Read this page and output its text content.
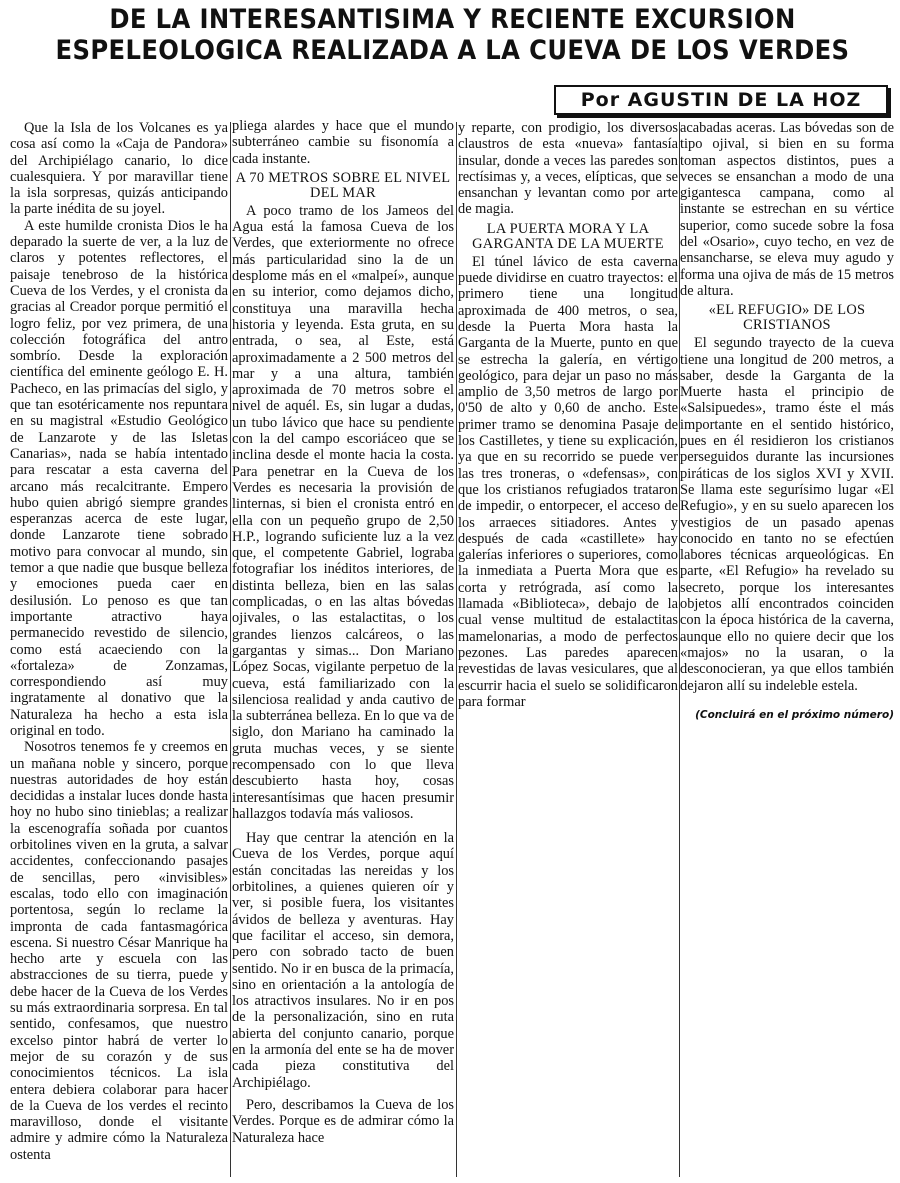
DE LA INTERESANTISIMA Y RECIENTE EXCURSION ESPELEOLOGICA REALIZADA A LA CUEVA DE LOS VERDES
Por AGUSTIN DE LA HOZ

Que la Isla de los Volcanes es ya cosa así como la «Caja de Pandora» del Archipiélago canario, lo dice cualesquiera. Y por maravillar tiene la isla sorpresas, quizás anticipando la parte inédita de su joyel.

A este humilde cronista Dios le ha deparado la suerte de ver, a la luz de claros y potentes reflectores, el paisaje tenebroso de la histórica Cueva de los Verdes, y el cronista da gracias al Creador porque permitió el logro feliz, por vez primera, de una colección fotográfica del antro sombrío. Desde la exploración científica del eminente geólogo E. H. Pacheco, en las primacías del siglo, y que tan esotéricamente nos repuntara en su magistral «Estudio Geológico de Lanzarote y de las Isletas Canarias», nada se había intentado para rescatar a esta caverna del arcano más recalcitrante. Empero hubo quien abrigó siempre grandes esperanzas acerca de este lugar, donde Lanzarote tiene sobrado motivo para convocar al mundo, sin temor a que nadie que busque belleza y emociones pueda caer en desilusión. Lo penoso es que tan importante atractivo haya permanecido revestido de silencio, como está acaeciendo con la «fortaleza» de Zonzamas, correspondiendo así muy ingratamente al donativo que la Naturaleza ha hecho a esta isla original en todo.

Nosotros tenemos fe y creemos en un mañana noble y sincero, porque nuestras autoridades de hoy están decididas a instalar luces donde hasta hoy no hubo sino tinieblas; a realizar la escenografía soñada por cuantos orbitolines viven en la gruta, a salvar accidentes, confeccionando pasajes de sencillas, pero «invisibles» escalas, todo ello con imaginación portentosa, según lo reclame la impronta de cada fantasmagórica escena. Si nuestro César Manrique ha hecho arte y escuela con las abstracciones de su tierra, puede y debe hacer de la Cueva de los Verdes su más extraordinaria sorpresa. En tal sentido, confesamos, que nuestro excelso pintor habrá de verter lo mejor de su corazón y de sus conocimientos técnicos. La isla entera debiera colaborar para hacer de la Cueva de los verdes el recinto maravilloso, donde el visitante admire y admire cómo la Naturaleza ostenta

pliega alardes y hace que el mundo subterráneo cambie su fisonomía a cada instante.

A 70 METROS SOBRE EL NIVEL DEL MAR

A poco tramo de los Jameos del Agua está la famosa Cueva de los Verdes, que exteriormente no ofrece más particularidad sino la de un desplome más en el «malpeí», aunque en su interior, como dejamos dicho, constituya una maravilla hecha historia y leyenda. Esta gruta, en su entrada, o sea, al Este, está aproximadamente a 2 500 metros del mar y a una altura, también aproximada de 70 metros sobre el nivel de aquél. Es, sin lugar a dudas, un tubo lávico que hace su pendiente con la del campo escoriáceo que se inclina desde el monte hacia la costa. Para penetrar en la Cueva de los Verdes es necesaria la provisión de linternas, si bien el cronista entró en ella con un pequeño grupo de 2,50 H.P., logrando suficiente luz a la vez que, el competente Gabriel, lograba fotografiar los inéditos interiores, de distinta belleza, bien en las salas complicadas, o en las altas bóvedas ojivales, o las estalactitas, o los grandes lienzos calcáreos, o las gargantas y simas... Don Mariano López Socas, vigilante perpetuo de la cueva, está familiarizado con la silenciosa realidad y anda cautivo de la subterránea belleza. En lo que va de siglo, don Mariano ha caminado la gruta muchas veces, y se siente recompensado con lo que lleva descubierto hasta hoy, cosas interesantísimas que hacen presumir hallazgos todavía más valiosos.

Hay que centrar la atención en la Cueva de los Verdes, porque aquí están concitadas las nereidas y los orbitolines, a quienes quieren oír y ver, si posible fuera, los visitantes ávidos de belleza y aventuras. Hay que facilitar el acceso, sin demora, pero con sobrado tacto de buen sentido. No ir en busca de la primacía, sino en orientación a la antología de los atractivos insulares. No ir en pos de la personalización, sino en ruta abierta del conjunto canario, porque en la armonía del ente se ha de mover cada pieza constitutiva del Archipiélago.

Pero, describamos la Cueva de los Verdes. Porque es de admirar cómo la Naturaleza hace

y reparte, con prodigio, los diversos claustros de esta «nueva» fantasía insular, donde a veces las paredes son rectísimas y, a veces, elípticas, que se ensanchan y levantan como por arte de magia.

LA PUERTA MORA Y LA GARGANTA DE LA MUERTE

El túnel lávico de esta caverna puede dividirse en cuatro trayectos: el primero tiene una longitud aproximada de 400 metros, o sea, desde la Puerta Mora hasta la Garganta de la Muerte, punto en que se estrecha la galería, en vértigo geológico, para dejar un paso no más amplio de 3,50 metros de largo por 0'50 de alto y 0,60 de ancho. Este primer tramo se denomina Pasaje de los Castilletes, y tiene su explicación, ya que en su recorrido se puede ver las tres troneras, o «defensas», con que los cristianos refugiados trataron de impedir, o entorpecer, el acceso de los arraeces sitiadores. Antes y después de cada «castillete» hay galerías inferiores o superiores, como la inmediata a Puerta Mora que es corta y retrógrada, así como la llamada «Biblioteca», debajo de la cual vense multitud de estalactitas mamelonarias, a modo de perfectos pezones. Las paredes aparecen revestidas de lavas vesiculares, que al escurrir hacia el suelo se solidificaron para formar

acabadas aceras. Las bóvedas son de tipo ojival, si bien en su forma toman aspectos distintos, pues a veces se ensanchan a modo de una gigantesca campana, como al instante se estrechan en su vértice superior, como sucede sobre la fosa del «Osario», cuyo techo, en vez de ensancharse, se eleva muy agudo y forma una ojiva de más de 15 metros de altura.

«EL REFUGIO» DE LOS CRISTIANOS

El segundo trayecto de la cueva tiene una longitud de 200 metros, a saber, desde la Garganta de la Muerte hasta el principio de «Salsipuedes», tramo éste el más importante en el sentido histórico, pues en él residieron los cristianos perseguidos durante las incursiones piráticas de los siglos XVI y XVII. Se llama este segurísimo lugar «El Refugio», y en su suelo aparecen los vestigios de un pasado apenas conocido en tanto no se efectúen labores técnicas arqueológicas. En parte, «El Refugio» ha revelado su secreto, porque los interesantes objetos allí encontrados coinciden con la época histórica de la caverna, aunque ello no quiere decir que los «majos» no la usaran, o la desconocieran, ya que ellos también dejaron allí su indeleble estela.

(Concluirá en el próximo número)
